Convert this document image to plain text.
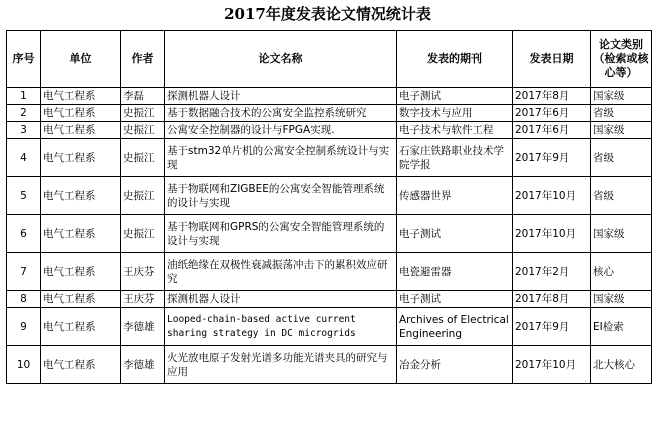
2017年度发表论文情况统计表
序号	单位	作者	论文名称	发表的期刊	发表日期	论文类别（检索或核心等）
1	电气工程系	李磊	探测机器人设计	电子测试	2017年8月	国家级
2	电气工程系	史振江	基于数据融合技术的公寓安全监控系统研究	数字技术与应用	2017年6月	省级
3	电气工程系	史振江	公寓安全控制器的设计与FPGA实现.	电子技术与软件工程	2017年6月	国家级
4	电气工程系	史振江	基于stm32单片机的公寓安全控制系统设计与实现	石家庄铁路职业技术学院学报	2017年9月	省级
5	电气工程系	史振江	基于物联网和ZIGBEE的公寓安全智能管理系统的设计与实现	传感器世界	2017年10月	省级
6	电气工程系	史振江	基于物联网和GPRS的公寓安全智能管理系统的设计与实现	电子测试	2017年10月	国家级
7	电气工程系	王庆芬	油纸绝缘在双极性衰减振荡冲击下的累积效应研究	电瓷避雷器	2017年2月	核心
8	电气工程系	王庆芬	探测机器人设计	电子测试	2017年8月	国家级
9	电气工程系	李德雄	Looped-chain-based active current sharing strategy in DC microgrids	Archives of Electrical Engineering	2017年9月	EI检索
10	电气工程系	李德雄	火光放电原子发射光谱多功能光谱夹具的研究与应用	冶金分析	2017年10月	北大核心
